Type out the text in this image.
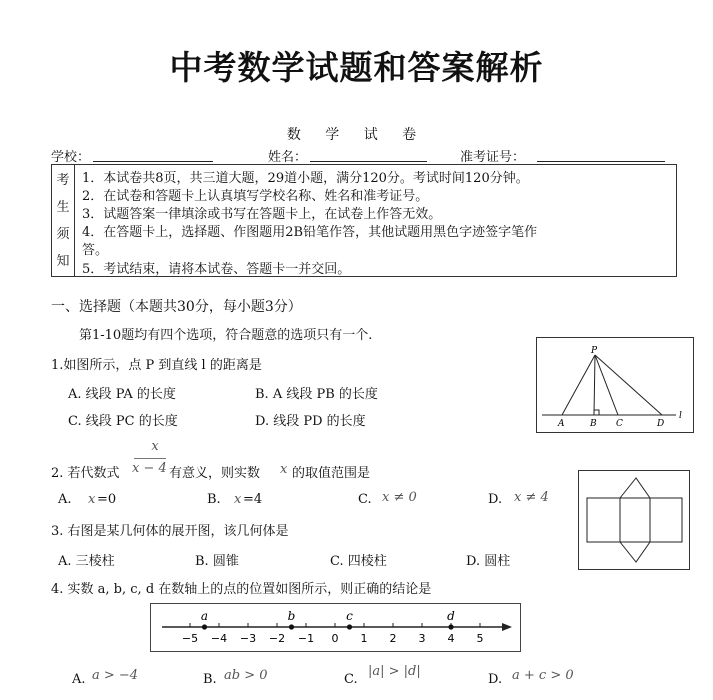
中考数学试题和答案解析
数 学 试 卷
学校：	姓名：	准考证号：
考
生
须
知
1．本试卷共8页，共三道大题，29道小题，满分120分。考试时间120分钟。
2．在试卷和答题卡上认真填写学校名称、姓名和准考证号。
3．试题答案一律填涂或书写在答题卡上，在试卷上作答无效。
4．在答题卡上，选择题、作图题用2B铅笔作答，其他试题用黑色字迹签字笔作
答。
5．考试结束，请将本试卷、答题卡一并交回。
一、选择题（本题共30分，每小题3分）
第1-10题均有四个选项，符合题意的选项只有一个.
1.如图所示，点 P 到直线 l 的距离是
A. 线段 PA 的长度	B. A 线段 PB 的长度
C. 线段 PC 的长度	D. 线段 PD 的长度
P
A	B C	D
l
2. 若代数式
x
x − 4 有意义，则实数 x 的取值范围是
A. x =0	B. x =4	C. x ≠ 0	D. x ≠ 4
3. 右图是某几何体的展开图，该几何体是
A. 三棱柱	B. 圆锥	C. 四棱柱	D. 圆柱
4. 实数 a, b, c, d 在数轴上的点的位置如图所示，则正确的结论是
−5 −4 −3 −2 −1 0 1 2 3 4 5
a	b	c	d
A. a > −4	B. ab > 0	C.
|a| > |d|
D. a + c > 0
